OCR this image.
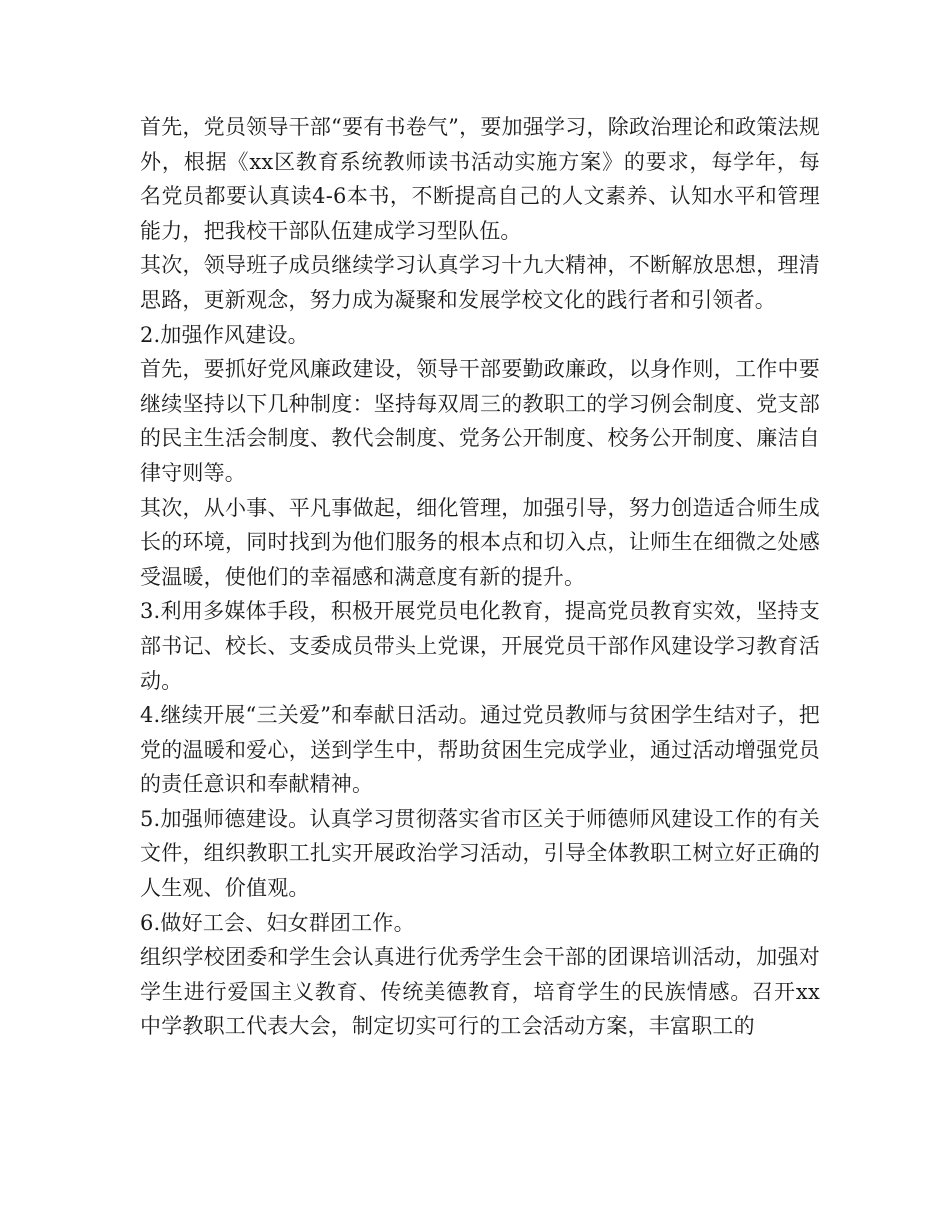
首先，党员领导干部“要有书卷气”，要加强学习，除政治理论和政策法规外，根据《xx区教育系统教师读书活动实施方案》的要求，每学年，每名党员都要认真读4-6本书，不断提高自己的人文素养、认知水平和管理能力，把我校干部队伍建成学习型队伍。

其次，领导班子成员继续学习认真学习十九大精神，不断解放思想，理清思路，更新观念，努力成为凝聚和发展学校文化的践行者和引领者。

2.加强作风建设。

首先，要抓好党风廉政建设，领导干部要勤政廉政，以身作则，工作中要继续坚持以下几种制度：坚持每双周三的教职工的学习例会制度、党支部的民主生活会制度、教代会制度、党务公开制度、校务公开制度、廉洁自律守则等。

其次，从小事、平凡事做起，细化管理，加强引导，努力创造适合师生成长的环境，同时找到为他们服务的根本点和切入点，让师生在细微之处感受温暖，使他们的幸福感和满意度有新的提升。

3.利用多媒体手段，积极开展党员电化教育，提高党员教育实效，坚持支部书记、校长、支委成员带头上党课，开展党员干部作风建设学习教育活动。

4.继续开展“三关爱”和奉献日活动。通过党员教师与贫困学生结对子，把党的温暖和爱心，送到学生中，帮助贫困生完成学业，通过活动增强党员的责任意识和奉献精神。

5.加强师德建设。认真学习贯彻落实省市区关于师德师风建设工作的有关文件，组织教职工扎实开展政治学习活动，引导全体教职工树立好正确的人生观、价值观。

6.做好工会、妇女群团工作。

组织学校团委和学生会认真进行优秀学生会干部的团课培训活动，加强对学生进行爱国主义教育、传统美德教育，培育学生的民族情感。召开xx中学教职工代表大会，制定切实可行的工会活动方案，丰富职工的
